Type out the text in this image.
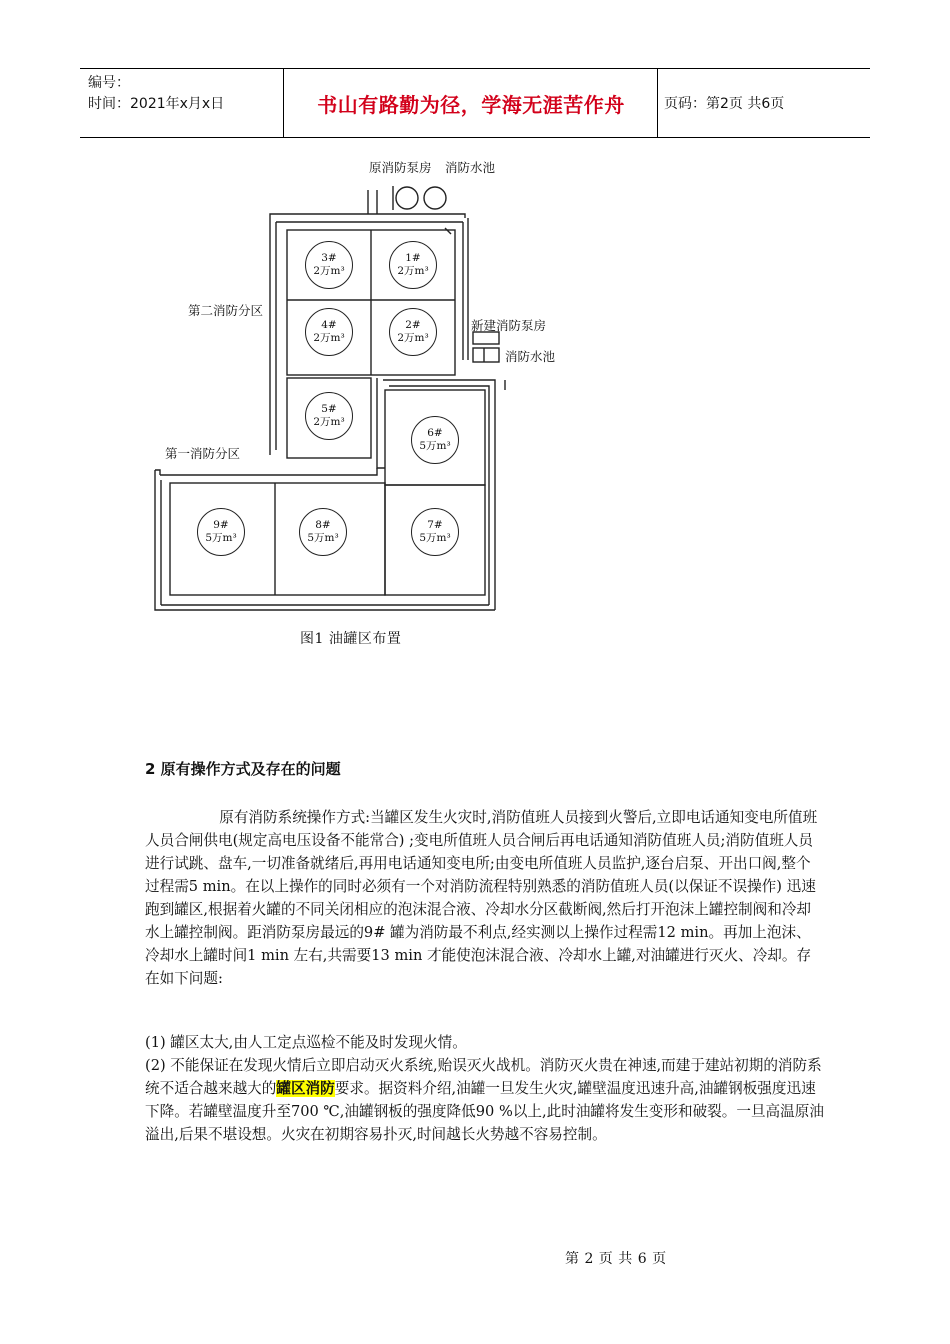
编号：
时间：2021年x月x日	书山有路勤为径，学海无涯苦作舟	页码：第2页 共6页
原消防泵房 消防水池
新建消防泵房
消防水池
第二消防分区
第一消防分区
3#
2万m³
1#
2万m³
4#
2万m³
2#
2万m³
5#
2万m³
6#
5万m³
9#
5万m³
8#
5万m³
7#
5万m³
图1 油罐区布置
2 原有操作方式及存在的问题

原有消防系统操作方式:当罐区发生火灾时,消防值班人员接到火警后,立即电话通知变电所值班人员合闸供电(规定高电压设备不能常合) ;变电所值班人员合闸后再电话通知消防值班人员;消防值班人员进行试跳、盘车,一切准备就绪后,再用电话通知变电所;由变电所值班人员监护,逐台启泵、开出口阀,整个过程需5 min。在以上操作的同时必须有一个对消防流程特别熟悉的消防值班人员(以保证不误操作) 迅速跑到罐区,根据着火罐的不同关闭相应的泡沫混合液、冷却水分区截断阀,然后打开泡沫上罐控制阀和冷却水上罐控制阀。距消防泵房最远的9# 罐为消防最不利点,经实测以上操作过程需12 min。再加上泡沫、冷却水上罐时间1 min 左右,共需要13 min 才能使泡沫混合液、冷却水上罐,对油罐进行灭火、冷却。存在如下问题:

(1) 罐区太大,由人工定点巡检不能及时发现火情。
(2) 不能保证在发现火情后立即启动灭火系统,贻误灭火战机。消防灭火贵在神速,而建于建站初期的消防系统不适合越来越大的罐区消防要求。据资料介绍,油罐一旦发生火灾,罐壁温度迅速升高,油罐钢板强度迅速下降。若罐壁温度升至700 ℃,油罐钢板的强度降低90 %以上,此时油罐将发生变形和破裂。一旦高温原油溢出,后果不堪设想。火灾在初期容易扑灭,时间越长火势越不容易控制。
第 2 页 共 6 页
